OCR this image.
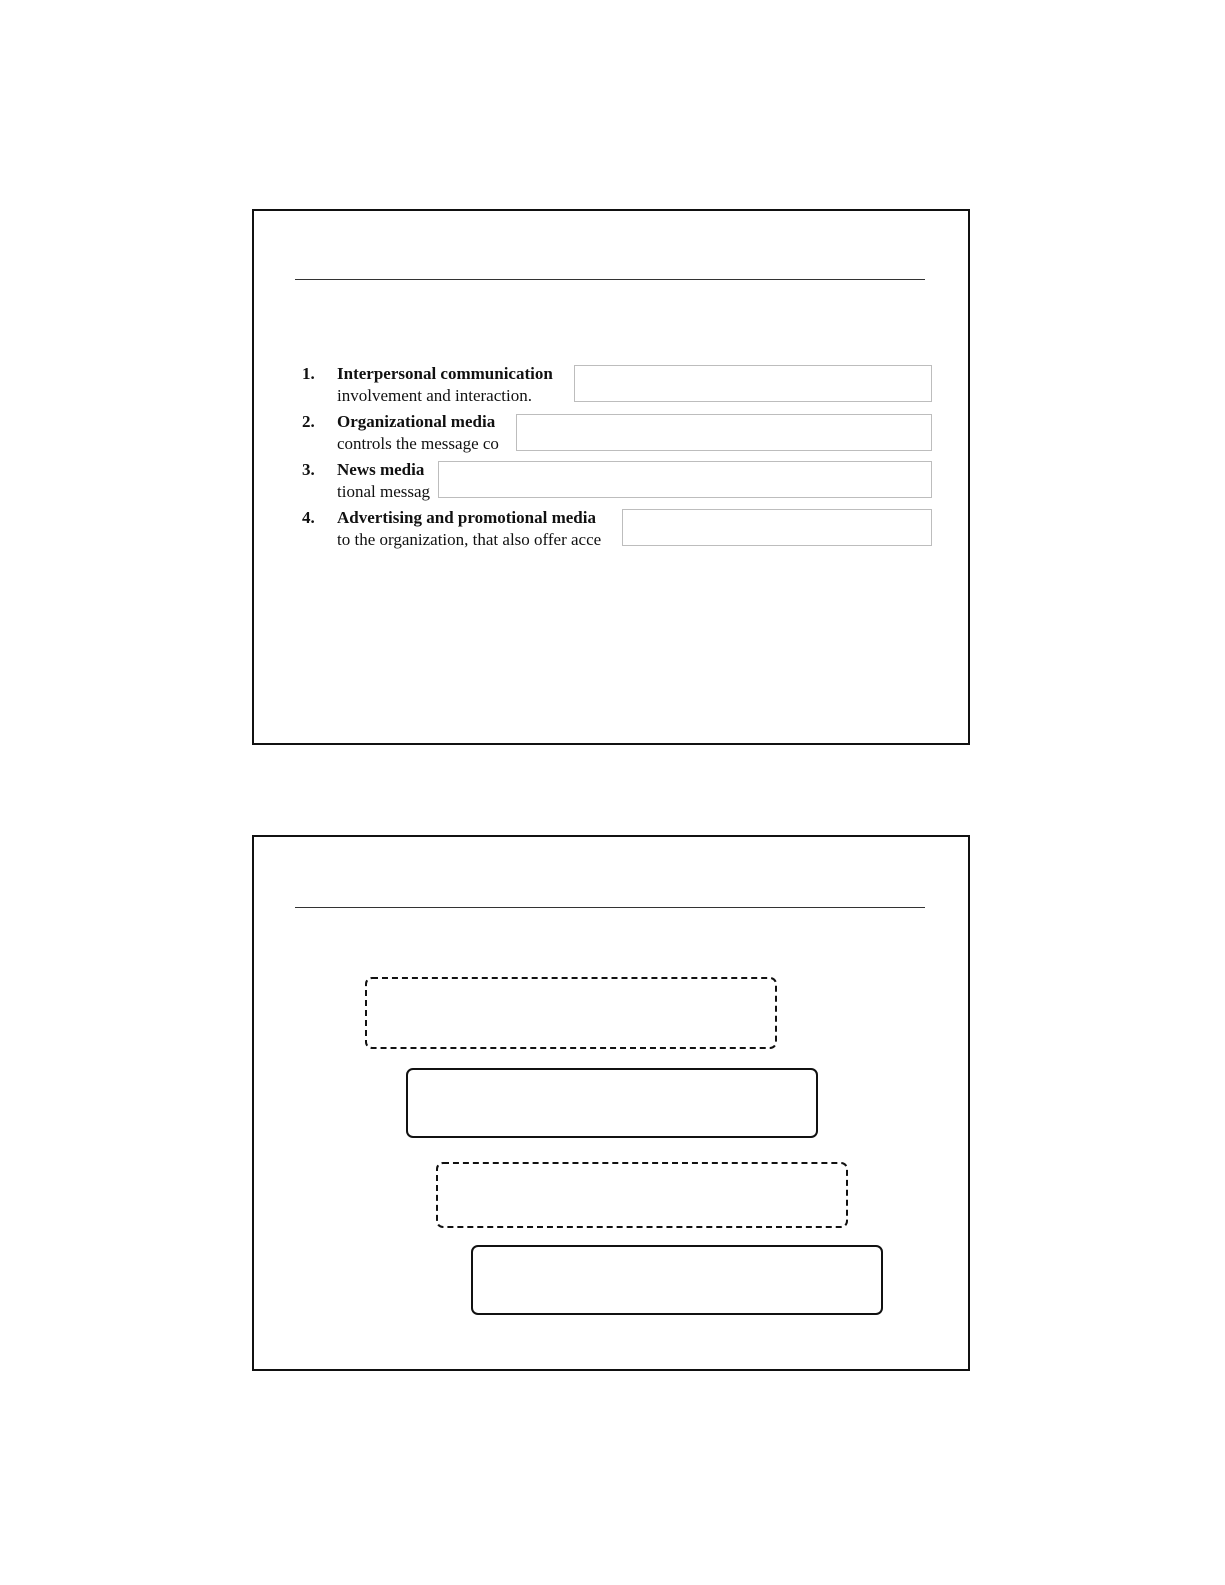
1. Interpersonal communication
involvement and interaction.
2. Organizational media
controls the message co
3. News media
tional messag
4. Advertising and promotional media
to the organization, that also offer acce
